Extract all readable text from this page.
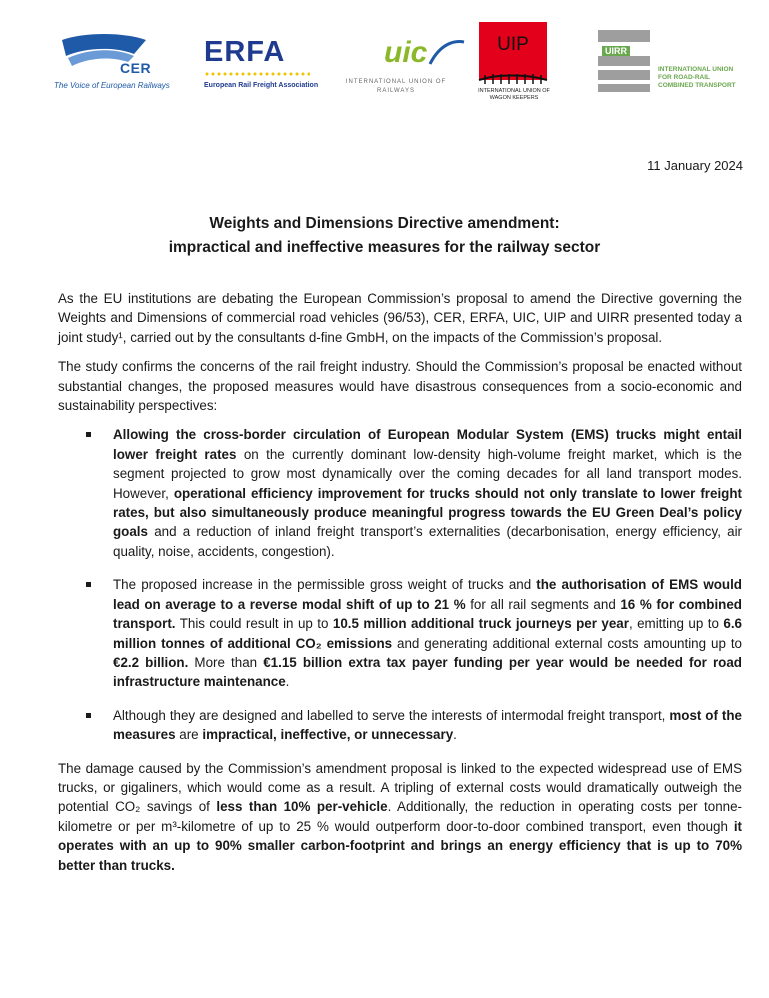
CER
The Voice of European Railways
ERFA
European Rail Freight Association
uic
INTERNATIONAL UNION OF RAILWAYS
UIP
INTERNATIONAL UNION OF WAGON KEEPERS
UIRR
INTERNATIONAL UNION
FOR ROAD-RAIL
COMBINED TRANSPORT
11 January 2024
Weights and Dimensions Directive amendment:
impractical and ineffective measures for the railway sector

As the EU institutions are debating the European Commission’s proposal to amend the Directive governing the Weights and Dimensions of commercial road vehicles (96/53), CER, ERFA, UIC, UIP and UIRR presented today a joint study¹, carried out by the consultants d-fine GmbH, on the impacts of the Commission’s proposal.

The study confirms the concerns of the rail freight industry. Should the Commission’s proposal be enacted without substantial changes, the proposed measures would have disastrous consequences from a socio-economic and sustainability perspectives:

Allowing the cross-border circulation of European Modular System (EMS) trucks might entail lower freight rates on the currently dominant low-density high-volume freight market, which is the segment projected to grow most dynamically over the coming decades for all land transport modes. However, operational efficiency improvement for trucks should not only translate to lower freight rates, but also simultaneously produce meaningful progress towards the EU Green Deal’s policy goals and a reduction of inland freight transport’s externalities (decarbonisation, energy efficiency, air quality, noise, accidents, congestion).
The proposed increase in the permissible gross weight of trucks and the authorisation of EMS would lead on average to a reverse modal shift of up to 21 % for all rail segments and 16 % for combined transport. This could result in up to 10.5 million additional truck journeys per year, emitting up to 6.6 million tonnes of additional CO₂ emissions and generating additional external costs amounting up to €2.2 billion. More than €1.15 billion extra tax payer funding per year would be needed for road infrastructure maintenance.
Although they are designed and labelled to serve the interests of intermodal freight transport, most of the measures are impractical, ineffective, or unnecessary.

The damage caused by the Commission’s amendment proposal is linked to the expected widespread use of EMS trucks, or gigaliners, which would come as a result. A tripling of external costs would dramatically outweigh the potential CO₂ savings of less than 10% per-vehicle. Additionally, the reduction in operating costs per tonne-kilometre or per m³-kilometre of up to 25 % would outperform door-to-door combined transport, even though it operates with an up to 90% smaller carbon-footprint and brings an energy efficiency that is up to 70% better than trucks.
